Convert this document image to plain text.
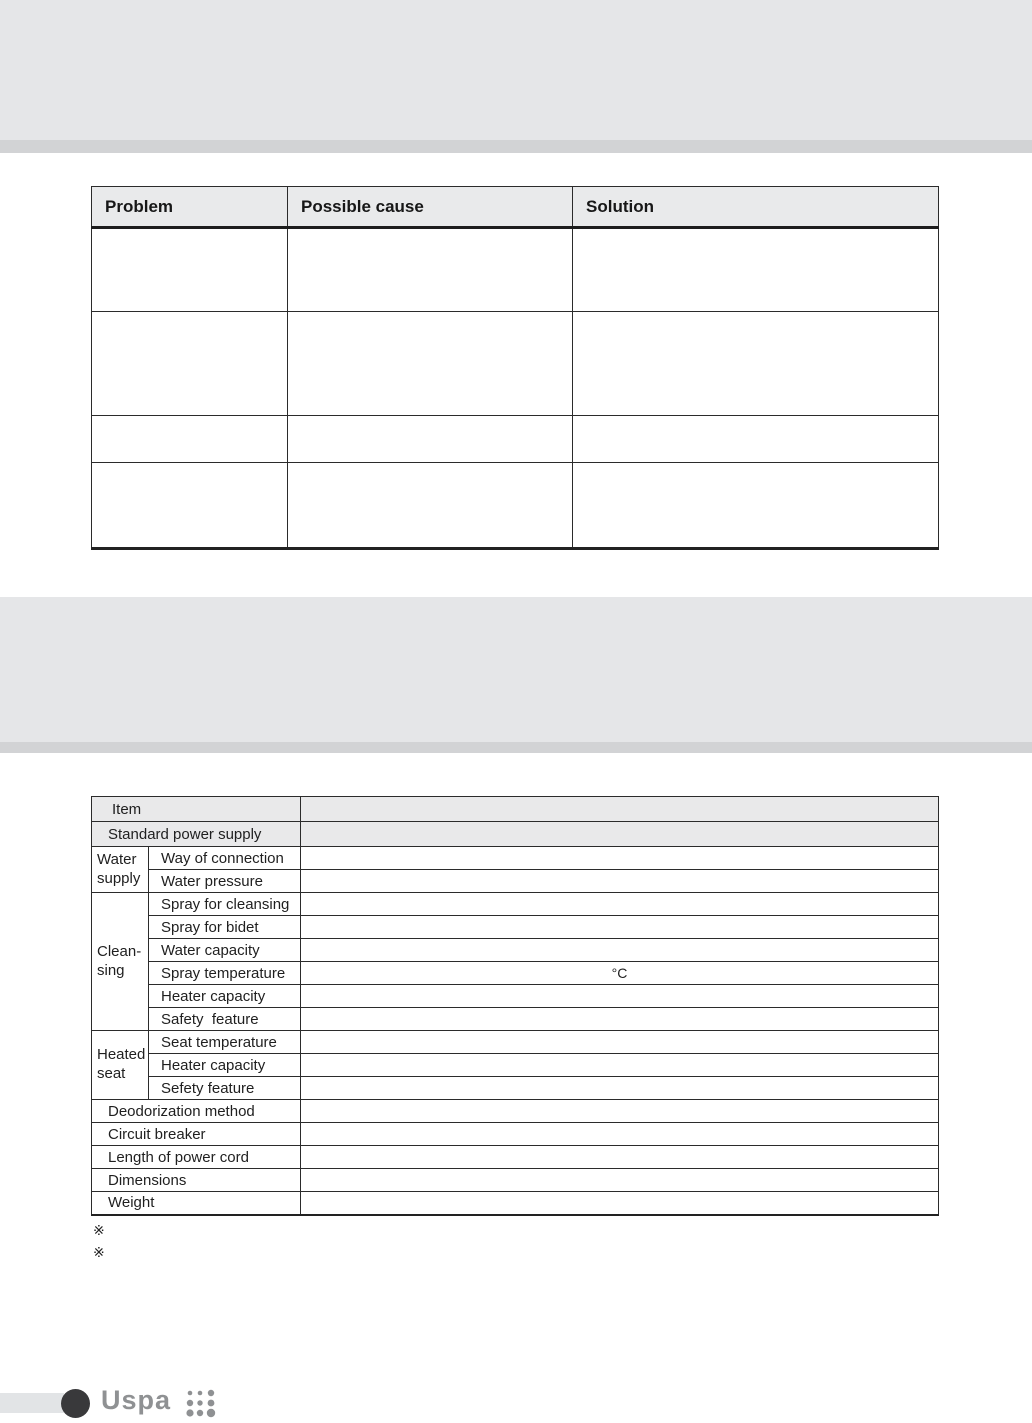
Problem	Possible cause	Solution

Item		
Standard power supply		
Water supply	Way of connection	
	Water pressure	
Clean-sing	Spray for cleansing	
	Spray for bidet	
	Water capacity	
	Spray temperature	°C
	Heater capacity	
	Safety  feature	
Heated seat	Seat temperature	
	Heater capacity	
	Sefety feature	
Deodorization method		
Circuit breaker		
Length of power cord		
Dimensions		
Weight		
※
※
Uspa
